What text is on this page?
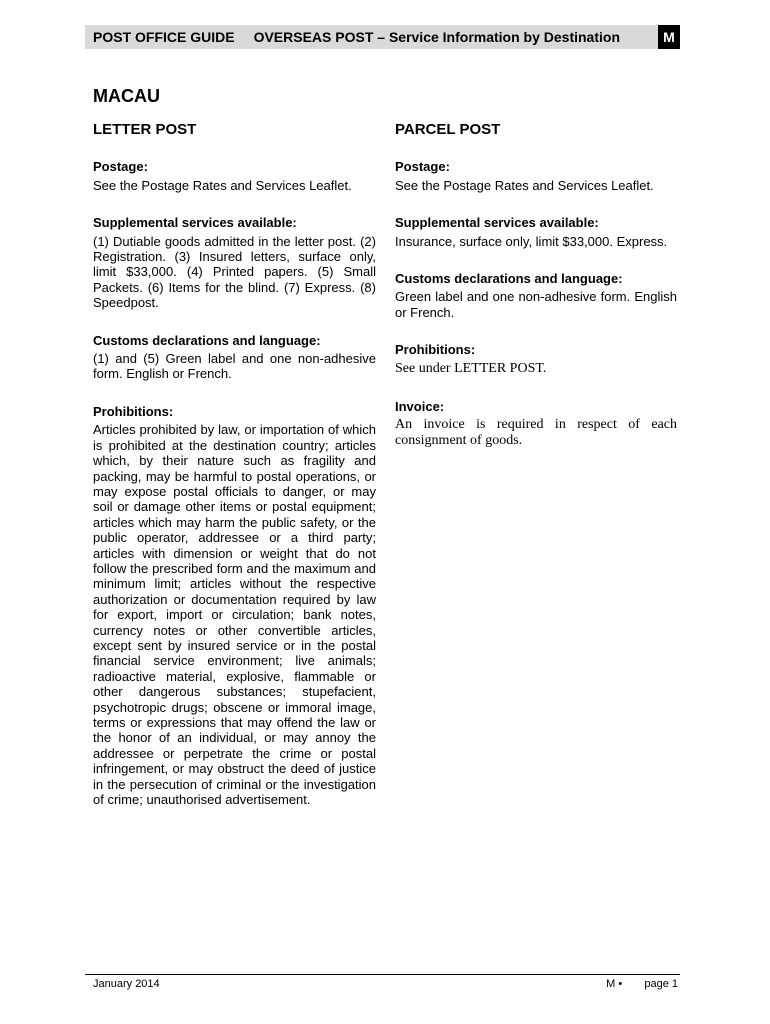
POST OFFICE GUIDE OVERSEAS POST – Service Information by Destination	M
MACAU
LETTER POST
Postage:

See the Postage Rates and Services Leaflet.

Supplemental services available:

(1) Dutiable goods admitted in the letter post. (2) Registration. (3) Insured letters, surface only, limit $33,000. (4) Printed papers. (5) Small Packets. (6) Items for the blind. (7) Express. (8) Speedpost.

Customs declarations and language:

(1) and (5) Green label and one non-adhesive form. English or French.

Prohibitions:

Articles prohibited by law, or importation of which is prohibited at the destination country; articles which, by their nature such as fragility and packing, may be harmful to postal operations, or may expose postal officials to danger, or may soil or damage other items or postal equipment; articles which may harm the public safety, or the public operator, addressee or a third party; articles with dimension or weight that do not follow the prescribed form and the maximum and minimum limit; articles without the respective authorization or documentation required by law for export, import or circulation; bank notes, currency notes or other convertible articles, except sent by insured service or in the postal financial service environment; live animals; radioactive material, explosive, flammable or other dangerous substances; stupefacient, psychotropic drugs; obscene or immoral image, terms or expressions that may offend the law or the honor of an individual, or may annoy the addressee or perpetrate the crime or postal infringement, or may obstruct the deed of justice in the persecution of criminal or the investigation of crime; unauthorised advertisement.

PARCEL POST
Postage:

See the Postage Rates and Services Leaflet.

Supplemental services available:

Insurance, surface only, limit $33,000. Express.

Customs declarations and language:

Green label and one non-adhesive form. English or French.

Prohibitions:

See under LETTER POST.

Invoice:

An invoice is required in respect of each consignment of goods.

January 2014	M • page 1
